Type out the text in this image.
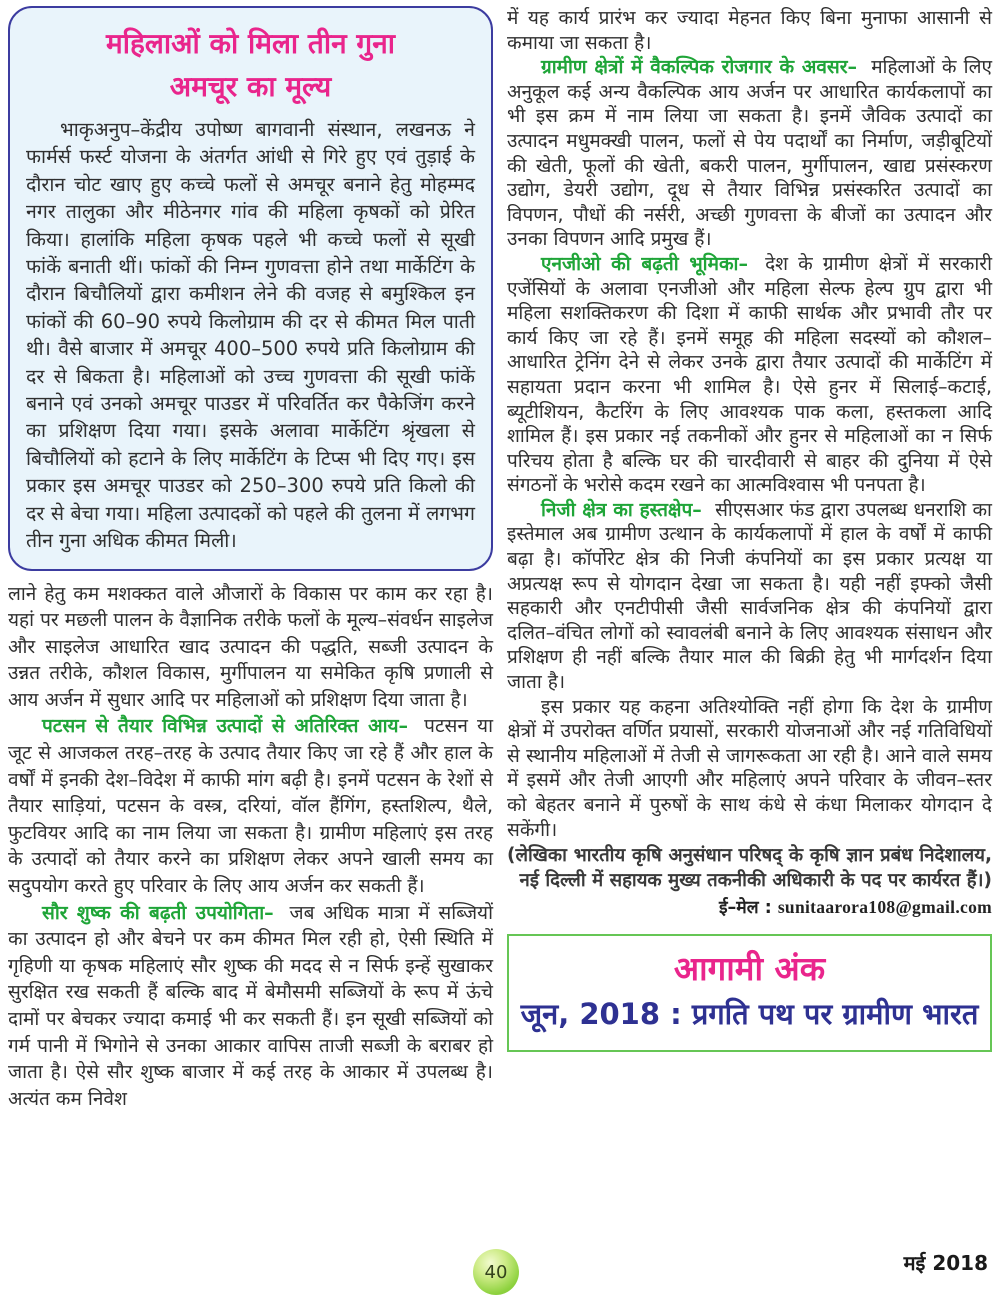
महिलाओं को मिला तीन गुना
अमचूर का मूल्य

भाकृअनुप–केंद्रीय उपोष्ण बागवानी संस्थान, लखनऊ ने फार्मर्स फर्स्ट योजना के अंतर्गत आंधी से गिरे हुए एवं तुड़ाई के दौरान चोट खाए हुए कच्चे फलों से अमचूर बनाने हेतु मोहम्मद नगर तालुका और मीठेनगर गांव की महिला कृषकों को प्रेरित किया। हालांकि महिला कृषक पहले भी कच्चे फलों से सूखी फांकें बनाती थीं। फांकों की निम्न गुणवत्ता होने तथा मार्केटिंग के दौरान बिचौलियों द्वारा कमीशन लेने की वजह से बमुश्किल इन फांकों की 60–90 रुपये किलोग्राम की दर से कीमत मिल पाती थी। वैसे बाजार में अमचूर 400–500 रुपये प्रति किलोग्राम की दर से बिकता है। महिलाओं को उच्च गुणवत्ता की सूखी फांकें बनाने एवं उनको अमचूर पाउडर में परिवर्तित कर पैकेजिंग करने का प्रशिक्षण दिया गया। इसके अलावा मार्केटिंग श्रृंखला से बिचौलियों को हटाने के लिए मार्केटिंग के टिप्स भी दिए गए। इस प्रकार इस अमचूर पाउडर को 250–300 रुपये प्रति किलो की दर से बेचा गया। महिला उत्पादकों को पहले की तुलना में लगभग तीन गुना अधिक कीमत मिली।

लाने हेतु कम मशक्कत वाले औजारों के विकास पर काम कर रहा है। यहां पर मछली पालन के वैज्ञानिक तरीके फलों के मूल्य–संवर्धन साइलेज और साइलेज आधारित खाद उत्पादन की पद्धति, सब्जी उत्पादन के उन्नत तरीके, कौशल विकास, मुर्गीपालन या समेकित कृषि प्रणाली से आय अर्जन में सुधार आदि पर महिलाओं को प्रशिक्षण दिया जाता है।

पटसन से तैयार विभिन्न उत्पादों से अतिरिक्त आय– पटसन या जूट से आजकल तरह–तरह के उत्पाद तैयार किए जा रहे हैं और हाल के वर्षों में इनकी देश–विदेश में काफी मांग बढ़ी है। इनमें पटसन के रेशों से तैयार साड़ियां, पटसन के वस्त्र, दरियां, वॉल हैंगिंग, हस्तशिल्प, थैले, फुटवियर आदि का नाम लिया जा सकता है। ग्रामीण महिलाएं इस तरह के उत्पादों को तैयार करने का प्रशिक्षण लेकर अपने खाली समय का सदुपयोग करते हुए परिवार के लिए आय अर्जन कर सकती हैं।

सौर शुष्क की बढ़ती उपयोगिता– जब अधिक मात्रा में सब्जियों का उत्पादन हो और बेचने पर कम कीमत मिल रही हो, ऐसी स्थिति में गृहिणी या कृषक महिलाएं सौर शुष्क की मदद से न सिर्फ इन्हें सुखाकर सुरक्षित रख सकती हैं बल्कि बाद में बेमौसमी सब्जियों के रूप में ऊंचे दामों पर बेचकर ज्यादा कमाई भी कर सकती हैं। इन सूखी सब्जियों को गर्म पानी में भिगोने से उनका आकार वापिस ताजी सब्जी के बराबर हो जाता है। ऐसे सौर शुष्क बाजार में कई तरह के आकार में उपलब्ध है। अत्यंत कम निवेश

में यह कार्य प्रारंभ कर ज्यादा मेहनत किए बिना मुनाफा आसानी से कमाया जा सकता है।

ग्रामीण क्षेत्रों में वैकल्पिक रोजगार के अवसर– महिलाओं के लिए अनुकूल कई अन्य वैकल्पिक आय अर्जन पर आधारित कार्यकलापों का भी इस क्रम में नाम लिया जा सकता है। इनमें जैविक उत्पादों का उत्पादन मधुमक्खी पालन, फलों से पेय पदार्थों का निर्माण, जड़ीबूटियों की खेती, फूलों की खेती, बकरी पालन, मुर्गीपालन, खाद्य प्रसंस्करण उद्योग, डेयरी उद्योग, दूध से तैयार विभिन्न प्रसंस्करित उत्पादों का विपणन, पौधों की नर्सरी, अच्छी गुणवत्ता के बीजों का उत्पादन और उनका विपणन आदि प्रमुख हैं।

एनजीओ की बढ़ती भूमिका– देश के ग्रामीण क्षेत्रों में सरकारी एजेंसियों के अलावा एनजीओ और महिला सेल्फ हेल्प ग्रुप द्वारा भी महिला सशक्तिकरण की दिशा में काफी सार्थक और प्रभावी तौर पर कार्य किए जा रहे हैं। इनमें समूह की महिला सदस्यों को कौशल–आधारित ट्रेनिंग देने से लेकर उनके द्वारा तैयार उत्पादों की मार्केटिंग में सहायता प्रदान करना भी शामिल है। ऐसे हुनर में सिलाई–कटाई, ब्यूटीशियन, कैटरिंग के लिए आवश्यक पाक कला, हस्तकला आदि शामिल हैं। इस प्रकार नई तकनीकों और हुनर से महिलाओं का न सिर्फ परिचय होता है बल्कि घर की चारदीवारी से बाहर की दुनिया में ऐसे संगठनों के भरोसे कदम रखने का आत्मविश्वास भी पनपता है।

निजी क्षेत्र का हस्तक्षेप– सीएसआर फंड द्वारा उपलब्ध धनराशि का इस्तेमाल अब ग्रामीण उत्थान के कार्यकलापों में हाल के वर्षों में काफी बढ़ा है। कॉर्पोरेट क्षेत्र की निजी कंपनियों का इस प्रकार प्रत्यक्ष या अप्रत्यक्ष रूप से योगदान देखा जा सकता है। यही नहीं इफ्को जैसी सहकारी और एनटीपीसी जैसी सार्वजनिक क्षेत्र की कंपनियों द्वारा दलित–वंचित लोगों को स्वावलंबी बनाने के लिए आवश्यक संसाधन और प्रशिक्षण ही नहीं बल्कि तैयार माल की बिक्री हेतु भी मार्गदर्शन दिया जाता है।

इस प्रकार यह कहना अतिश्योक्ति नहीं होगा कि देश के ग्रामीण क्षेत्रों में उपरोक्त वर्णित प्रयासों, सरकारी योजनाओं और नई गतिविधियों से स्थानीय महिलाओं में तेजी से जागरूकता आ रही है। आने वाले समय में इसमें और तेजी आएगी और महिलाएं अपने परिवार के जीवन–स्तर को बेहतर बनाने में पुरुषों के साथ कंधे से कंधा मिलाकर योगदान दे सकेंगी।

(लेखिका भारतीय कृषि अनुसंधान परिषद् के कृषि ज्ञान प्रबंध निदेशालय, नई दिल्ली में सहायक मुख्य तकनीकी अधिकारी के पद पर कार्यरत हैं।)

ई–मेल : sunitaarora108@gmail.com

आगामी अंक
जून, 2018 : प्रगति पथ पर ग्रामीण भारत
40	मई 2018
